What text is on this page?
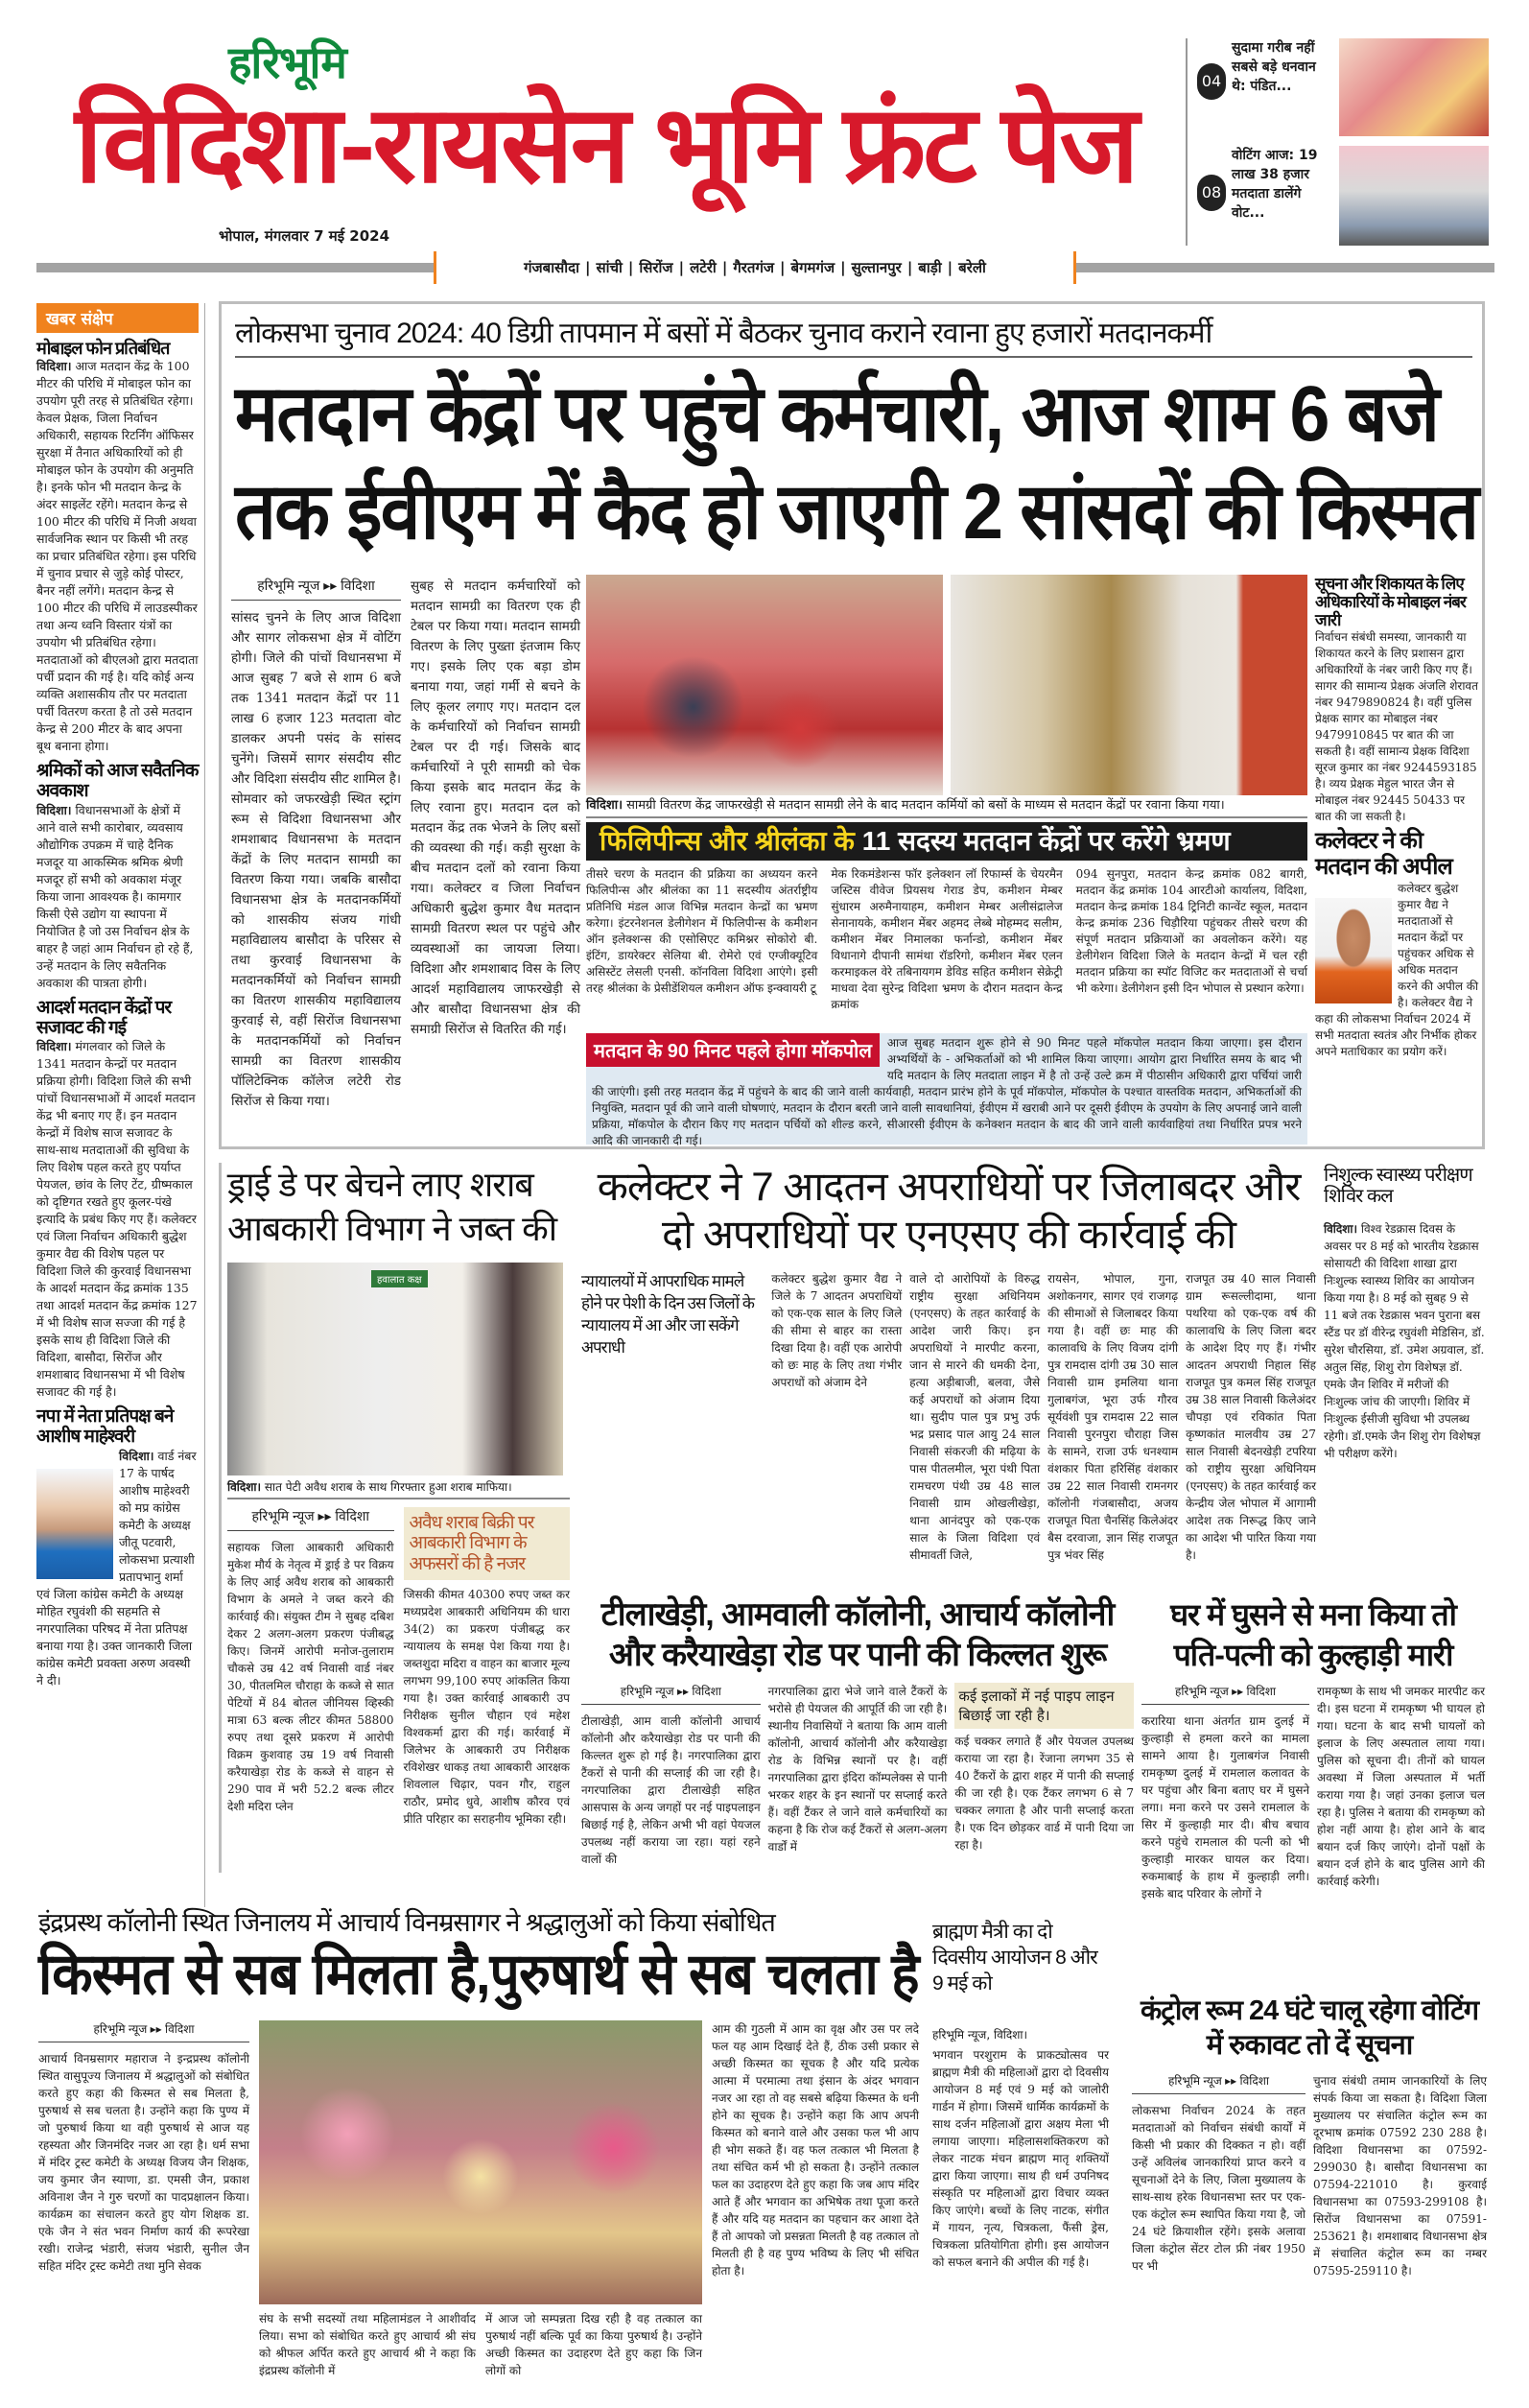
हरिभूमि
विदिशा-रायसेन भूमि फ्रंट पेज
भोपाल, मंगलवार 7 मई 2024
04
सुदामा गरीब नहीं सबसे बड़े धनवान थे: पंडित...
08
वोटिंग आज: 19 लाख 38 हजार मतदाता डालेंगे वोट...
गंजबासौदा | सांची | सिरोंज | लटेरी | गैरतगंज | बेगमगंज | सुल्तानपुर | बाड़ी | बरेली
खबर संक्षेप
मोबाइल फोन प्रतिबंधित
विदिशा। आज मतदान केंद्र के 100 मीटर की परिधि में मोबाइल फोन का उपयोग पूरी तरह से प्रतिबंधित रहेगा। केवल प्रेक्षक, जिला निर्वाचन अधिकारी, सहायक रिटर्निंग ऑफिसर सुरक्षा में तैनात अधिकारियों को ही मोबाइल फोन के उपयोग की अनुमति है। इनके फोन भी मतदान केन्द्र के अंदर साइलेंट रहेंगे। मतदान केन्द्र से 100 मीटर की परिधि में निजी अथवा सार्वजनिक स्थान पर किसी भी तरह का प्रचार प्रतिबंधित रहेगा। इस परिधि में चुनाव प्रचार से जुड़े कोई पोस्टर, बैनर नहीं लगेंगे। मतदान केन्द्र से 100 मीटर की परिधि में लाउडस्पीकर तथा अन्य ध्वनि विस्तार यंत्रों का उपयोग भी प्रतिबंधित रहेगा। मतदाताओं को बीएलओ द्वारा मतदाता पर्ची प्रदान की गई है। यदि कोई अन्य व्यक्ति अशासकीय तौर पर मतदाता पर्ची वितरण करता है तो उसे मतदान केन्द्र से 200 मीटर के बाद अपना बूथ बनाना होगा।
श्रमिकों को आज सवैतनिक अवकाश
विदिशा। विधानसभाओं के क्षेत्रों में आने वाले सभी कारोबार, व्यवसाय औद्योगिक उपक्रम में चाहे दैनिक मजदूर या आकस्मिक श्रमिक श्रेणी मजदूर हों सभी को अवकाश मंजूर किया जाना आवश्यक है। कामगार किसी ऐसे उद्योग या स्थापना में नियोजित है जो उस निर्वाचन क्षेत्र के बाहर है जहां आम निर्वाचन हो रहे हैं, उन्हें मतदान के लिए सवैतनिक अवकाश की पात्रता होगी।
आदर्श मतदान केंद्रों पर सजावट की गई
विदिशा। मंगलवार को जिले के 1341 मतदान केन्द्रों पर मतदान प्रक्रिया होगी। विदिशा जिले की सभी पांचों विधानसभाओं में आदर्श मतदान केंद्र भी बनाए गए हैं। इन मतदान केन्द्रों में विशेष साज सजावट के साथ-साथ मतदाताओं की सुविधा के लिए विशेष पहल करते हुए पर्याप्त पेयजल, छांव के लिए टेंट, ग्रीष्मकाल को दृष्टिगत रखते हुए कूलर-पंखे इत्यादि के प्रबंध किए गए हैं। कलेक्टर एवं जिला निर्वाचन अधिकारी बुद्धेश कुमार वैद्य की विशेष पहल पर विदिशा जिले की कुरवाई विधानसभा के आदर्श मतदान केंद्र क्रमांक 135 तथा आदर्श मतदान केंद्र क्रमांक 127 में भी विशेष साज सज्जा की गई है इसके साथ ही विदिशा जिले की विदिशा, बासौदा, सिरोंज और शमशाबाद विधानसभा में भी विशेष सजावट की गई है।
नपा में नेता प्रतिपक्ष बने आशीष माहेश्वरी
विदिशा। वार्ड नंबर 17 के पार्षद आशीष माहेश्वरी को मप्र कांग्रेस कमेटी के अध्यक्ष जीतू पटवारी, लोकसभा प्रत्याशी प्रतापभानु शर्मा एवं जिला कांग्रेस कमेटी के अध्यक्ष मोहित रघुवंशी की सहमति से नगरपालिका परिषद में नेता प्रतिपक्ष बनाया गया है। उक्त जानकारी जिला कांग्रेस कमेटी प्रवक्ता अरुण अवस्थी ने दी।
लोकसभा चुनाव 2024: 40 डिग्री तापमान में बसों में बैठकर चुनाव कराने रवाना हुए हजारों मतदानकर्मी
मतदान केंद्रों पर पहुंचे कर्मचारी, आज शाम 6 बजे तक ईवीएम में कैद हो जाएगी 2 सांसदों की किस्मत
हरिभूमि न्यूज ▸▸ विदिशा
सांसद चुनने के लिए आज विदिशा और सागर लोकसभा क्षेत्र में वोटिंग होगी। जिले की पांचों विधानसभा में आज सुबह 7 बजे से शाम 6 बजे तक 1341 मतदान केंद्रों पर 11 लाख 6 हजार 123 मतदाता वोट डालकर अपनी पसंद के सांसद चुनेंगे। जिसमें सागर संसदीय सीट और विदिशा संसदीय सीट शामिल है। सोमवार को जफरखेड़ी स्थित स्ट्रांग रूम से विदिशा विधानसभा और शमशाबाद विधानसभा के मतदान केंद्रों के लिए मतदान सामग्री का वितरण किया गया। जबकि बासौदा विधानसभा क्षेत्र के मतदानकर्मियों को शासकीय संजय गांधी महाविद्यालय बासौदा के परिसर से तथा कुरवाई विधानसभा के मतदानकर्मियों को निर्वाचन सामग्री का वितरण शासकीय महाविद्यालय कुरवाई से, वहीं सिरोंज विधानसभा के मतदानकर्मियों को निर्वाचन सामग्री का वितरण शासकीय पॉलिटेक्निक कॉलेज लटेरी रोड सिरोंज से किया गया।
सुबह से मतदान कर्मचारियों को मतदान सामग्री का वितरण एक ही टेबल पर किया गया। मतदान सामग्री वितरण के लिए पुख्ता इंतजाम किए गए। इसके लिए एक बड़ा डोम बनाया गया, जहां गर्मी से बचने के लिए कूलर लगाए गए। मतदान दल के कर्मचारियों को निर्वाचन सामग्री टेबल पर दी गई। जिसके बाद कर्मचारियों ने पूरी सामग्री को चेक किया इसके बाद मतदान केंद्र के लिए रवाना हुए। मतदान दल को मतदान केंद्र तक भेजने के लिए बसों की व्यवस्था की गई। कड़ी सुरक्षा के बीच मतदान दलों को रवाना किया गया। कलेक्टर व जिला निर्वाचन अधिकारी बुद्धेश कुमार वैध मतदान सामग्री वितरण स्थल पर पहुंचे और व्यवस्थाओं का जायजा लिया। विदिशा और शमशाबाद विस के लिए आदर्श महाविद्यालय जाफरखेड़ी से और बासौदा विधानसभा क्षेत्र की समाग्री सिरोंज से वितरित की गई।
विदिशा। सामग्री वितरण केंद्र जाफरखेड़ी से मतदान सामग्री लेने के बाद मतदान कर्मियों को बसों के माध्यम से मतदान केंद्रों पर रवाना किया गया।
फिलिपीन्स और श्रीलंका के 11 सदस्य मतदान केंद्रों पर करेंगे भ्रमण
तीसरे चरण के मतदान की प्रक्रिया का अध्ययन करने फिलिपीन्स और श्रीलंका का 11 सदस्यीय अंतर्राष्ट्रीय प्रतिनिधि मंडल आज विभिन्न मतदान केन्द्रों का भ्रमण करेगा। इंटरनेशनल डेलीगेशन में फिलिपीन्स के कमीशन ऑन इलेक्शन्स की एसोसिएट कमिश्नर सोकोरो बी. इंटिंग, डायरेक्टर सेलिया बी. रोमेरो एवं एग्जीक्यूटिव असिस्टेंट लेसली एनसी. कॉनविला विदिशा आएंगे। इसी तरह श्रीलंका के प्रेसीडेंशियल कमीशन ऑफ इन्क्वायरी टू
मेक रिकमंडेशन्स फॉर इलेक्शन लॉ रिफार्म्स के चेयरमैन जस्टिस वीवेज प्रियसथ गेराड डेप, कमीशन मेम्बर सुंधारम अरुमैनायाहम, कमीशन मेम्बर अलीसंद्रालेज सेनानायके, कमीशन मेंबर अहमद लेब्बे मोहम्मद सलीम, कमीशन मेंबर निमालका फर्नान्डो, कमीशन मेंबर विधानागे दीपानी सामंथा रॉडरिगो, कमीशन मेंबर एलन करमाइकल वेरे तबिनायगम डेविड सहित कमीशन सेक्रेट्री माधवा देवा सुरेन्द्र विदिशा भ्रमण के दौरान मतदान केन्द्र क्रमांक
094 सुनपुरा, मतदान केन्द्र क्रमांक 082 बागरी, मतदान केंद्र क्रमांक 104 आरटीओ कार्यालय, विदिशा, मतदान केन्द्र क्रमांक 184 ट्रिनिटी कान्वेंट स्कूल, मतदान केन्द्र क्रमांक 236 चिड़ौरिया पहुंचकर तीसरे चरण की संपूर्ण मतदान प्रक्रियाओं का अवलोकन करेंगे। यह डेलीगेशन विदिशा जिले के मतदान केन्द्रों में चल रही मतदान प्रक्रिया का स्पॉट विजिट कर मतदाताओं से चर्चा भी करेगा। डेलीगेशन इसी दिन भोपाल से प्रस्थान करेगा।
मतदान के 90 मिनट पहले होगा मॉकपोल	आज सुबह मतदान शुरू होने से 90 मिनट पहले मॉकपोल मतदान किया जाएगा। इस दौरान अभ्यर्थियों के - अभिकर्ताओं को भी शामिल किया जाएगा। आयोग द्वारा निर्धारित समय के बाद भी यदि मतदान के लिए मतदाता लाइन में है तो उन्हें उल्टे क्रम में पीठासीन अधिकारी द्वारा पर्चियां जारी की जाएंगी। इसी तरह मतदान केंद्र में पहुंचने के बाद की जाने वाली कार्यवाही, मतदान प्रारंभ होने के पूर्व मॉकपोल, मॉकपोल के पश्चात वास्तविक मतदान, अभिकर्ताओं की नियुक्ति, मतदान पूर्व की जाने वाली घोषणाएं, मतदान के दौरान बरती जाने वाली सावधानियां, ईवीएम में खराबी आने पर दूसरी ईवीएम के उपयोग के लिए अपनाई जाने वाली प्रक्रिया, मॉकपोल के दौरान किए गए मतदान पर्चियों को शील्ड करने, सीआरसी ईवीएम के कनेक्शन मतदान के बाद की जाने वाली कार्यवाहियां तथा निर्धारित प्रपत्र भरने आदि की जानकारी दी गई।
सूचना और शिकायत के लिए अधिकारियों के मोबाइल नंबर जारी
निर्वाचन संबंधी समस्या, जानकारी या शिकायत करने के लिए प्रशासन द्वारा अधिकारियों के नंबर जारी किए गए हैं। सागर की सामान्य प्रेक्षक अंजलि शेरावत नंबर 9479890824 है। वहीं पुलिस प्रेक्षक सागर का मोबाइल नंबर 9479910845 पर बात की जा सकती है। वहीं सामान्य प्रेक्षक विदिशा सूरज कुमार का नंबर 9244593185 है। व्यय प्रेक्षक मेहुल भारत जैन से मोबाइल नंबर 92445 50433 पर बात की जा सकती है।
कलेक्टर ने की मतदान की अपील
कलेक्टर बुद्धेश कुमार वैद्य ने मतदाताओं से मतदान केंद्रों पर पहुंचकर अधिक से अधिक मतदान करने की अपील की है। कलेक्टर वैद्य ने कहा की लोकसभा निर्वाचन 2024 में सभी मतदाता स्वतंत्र और निर्भीक होकर अपने मताधिकार का प्रयोग करें।
ड्राई डे पर बेचने लाए शराब आबकारी विभाग ने जब्त की
हवालात कक्ष
विदिशा। सात पेटी अवैध शराब के साथ गिरफ्तार हुआ शराब माफिया।
हरिभूमि न्यूज ▸▸ विदिशा
सहायक जिला आबकारी अधिकारी मुकेश मौर्य के नेतृत्व में ड्राई डे पर विक्रय के लिए आई अवैध शराब को आबकारी विभाग के अमले ने जब्त करने की कार्रवाई की। संयुक्त टीम ने सुबह दबिश देकर 2 अलग-अलग प्रकरण पंजीबद्ध किए। जिनमें आरोपी मनोज-तुलाराम चौकसे उम्र 42 वर्ष निवासी वार्ड नंबर 30, पीतलमिल चौराहा के कब्जे से सात पेटियों में 84 बोतल जीनियस व्हिस्की मात्रा 63 बल्क लीटर कीमत 58800 रुपए तथा दूसरे प्रकरण में आरोपी विक्रम कुशवाह उम्र 19 वर्ष निवासी करैयाखेड़ा रोड के कब्जे से वाहन से 290 पाव में भरी 52.2 बल्क लीटर देशी मदिरा प्लेन
अवैध शराब बिक्री पर आबकारी विभाग के अफसरों की है नजर
जिसकी कीमत 40300 रुपए जब्त कर मध्यप्रदेश आबकारी अधिनियम की धारा 34(2) का प्रकरण पंजीबद्ध कर न्यायालय के समक्ष पेश किया गया है। जब्तशुदा मदिरा व वाहन का बाजार मूल्य लगभग 99,100 रुपए आंकलित किया गया है। उक्त कार्रवाई आबकारी उप निरीक्षक सुनील चौहान एवं महेश विश्वकर्मा द्वारा की गई। कार्रवाई में जिलेभर के आबकारी उप निरीक्षक रविशेखर धाकड़ तथा आबकारी आरक्षक शिवलाल चिढ़ार, पवन गौर, राहुल राठौर, प्रमोद धुवे, आशीष कौरव एवं प्रीति परिहार का सराहनीय भूमिका रही।
कलेक्टर ने 7 आदतन अपराधियों पर जिलाबदर और दो अपराधियों पर एनएसए की कार्रवाई की
न्यायालयों में आपराधिक मामले होने पर पेशी के दिन उस जिलों के न्यायालय में आ और जा सकेंगे अपराधी
कलेक्टर बुद्धेश कुमार वैद्य ने जिले के 7 आदतन अपराधियों को एक-एक साल के लिए जिले की सीमा से बाहर का रास्ता दिखा दिया है। वहीं एक आरोपी को छः माह के लिए तथा गंभीर अपराधों को अंजाम देने
वाले दो आरोपियों के विरुद्ध राष्ट्रीय सुरक्षा अधिनियम (एनएसए) के तहत कार्रवाई के आदेश जारी किए। इन अपराधियों ने मारपीट करना, जान से मारने की धमकी देना, हत्या अड़ीबाजी, बलवा, जैसे कई अपराधों को अंजाम दिया था। सुदीप पाल पुत्र प्रभु उर्फ भद्र प्रसाद पाल आयु 24 साल निवासी संकरजी की मढ़िया के पास पीतलमील, भूरा पंथी पिता रामचरण पंथी उम्र 48 साल निवासी ग्राम ओखलीखेड़ा, थाना आनंदपुर को एक-एक साल के जिला विदिशा एवं सीमावर्ती जिले,
रायसेन, भोपाल, गुना, अशोकनगर, सागर एवं राजगढ़ की सीमाओं से जिलाबदर किया गया है। वहीं छः माह की कालावधि के लिए विजय दांगी पुत्र रामदास दांगी उम्र 30 साल निवासी ग्राम इमलिया थाना गुलाबगंज, भूरा उर्फ गौरव सूर्यवंशी पुत्र रामदास 22 साल निवासी पुरनपुरा चौराहा जिस के सामने, राजा उर्फ धनश्याम वंशकार पिता हरिसिंह वंशकार उम्र 22 साल निवासी रामनगर कॉलोनी गंजबासौदा, अजय राजपूत पिता चैनसिंह किलेअंदर बैस दरवाजा, ज्ञान सिंह राजपूत पुत्र भंवर सिंह
राजपूत उम्र 40 साल निवासी ग्राम रूसल्लीदामा, थाना पथरिया को एक-एक वर्ष की कालावधि के लिए जिला बदर के आदेश दिए गए हैं। गंभीर आदतन अपराधी निहाल सिंह राजपूत पुत्र कमल सिंह राजपूत उम्र 38 साल निवासी किलेअंदर चौपड़ा एवं रविकांत पिता कृष्णकांत मालवीय उम्र 27 साल निवासी बेदनखेड़ी टपरिया को राष्ट्रीय सुरक्षा अधिनियम (एनएसए) के तहत कार्रवाई कर केन्द्रीय जेल भोपाल में आगामी आदेश तक निरूद्ध किए जाने का आदेश भी पारित किया गया है।
निशुल्क स्वास्थ्य परीक्षण शिविर कल
विदिशा। विश्व रेडक्रास दिवस के अवसर पर 8 मई को भारतीय रेडक्रास सोसायटी की विदिशा शाखा द्वारा निःशुल्क स्वास्थ्य शिविर का आयोजन किया गया है। 8 मई को सुबह 9 से 11 बजे तक रेडक्रास भवन पुराना बस स्टैंड पर डॉ वीरेन्द्र रघुवंशी मेडिसिन, डॉ. सुरेश चौरसिया, डॉ. उमेश अग्रवाल, डॉ. अतुल सिंह, शिशु रोग विशेषज्ञ डॉ. एमके जैन शिविर में मरीजों की निःशुल्क जांच की जाएगी। शिविर में निःशुल्क ईसीजी सुविधा भी उपलब्ध रहेगी। डॉ.एमके जैन शिशु रोग विशेषज्ञ भी परीक्षण करेंगे।
टीलाखेड़ी, आमवाली कॉलोनी, आचार्य कॉलोनी और करैयाखेड़ा रोड पर पानी की किल्लत शुरू
हरिभूमि न्यूज ▸▸ विदिशा
टीलाखेड़ी, आम वाली कॉलोनी आचार्य कॉलोनी और करैयाखेड़ा रोड पर पानी की किल्लत शुरू हो गई है। नगरपालिका द्वारा टैंकरों से पानी की सप्लाई की जा रही है। नगरपालिका द्वारा टीलाखेड़ी सहित आसपास के अन्य जगहों पर नई पाइपलाइन बिछाई गई है, लेकिन अभी भी वहां पेयजल उपलब्ध नहीं कराया जा रहा। यहां रहने वालों की
नगरपालिका द्वारा भेजे जाने वाले टैंकरों के भरोसे ही पेयजल की आपूर्ति की जा रही है। स्थानीय निवासियों ने बताया कि आम वाली कॉलोनी, आचार्य कॉलोनी और करैयाखेड़ा रोड के विभिन्न स्थानों पर है। वहीं नगरपालिका द्वारा इंदिरा कॉम्पलेक्स से पानी भरकर शहर के इन स्थानों पर सप्लाई करते हैं। वहीं टैंकर ले जाने वाले कर्मचारियों का कहना है कि रोज कई टैंकरों से अलग-अलग वार्डों में
कई इलाकों में नई पाइप लाइन बिछाई जा रही है।
कई चक्कर लगाते हैं और पेयजल उपलब्ध कराया जा रहा है। रेंजाना लगभग 35 से 40 टैंकरों के द्वारा शहर में पानी की सप्लाई की जा रही है। एक टैंकर लगभग 6 से 7 चक्कर लगाता है और पानी सप्लाई करता है। एक दिन छोड़कर वार्ड में पानी दिया जा रहा है।
घर में घुसने से मना किया तो पति-पत्नी को कुल्हाड़ी मारी
हरिभूमि न्यूज ▸▸ विदिशा
करारिया थाना अंतर्गत ग्राम दुलई में कुल्हाड़ी से हमला करने का मामला सामने आया है। गुलाबगंज निवासी रामकृष्ण दुलई में रामलाल कलावत के घर पहुंचा और बिना बताए घर में घुसने लगा। मना करने पर उसने रामलाल के सिर में कुल्हाड़ी मार दी। बीच बचाव करने पहुंचे रामलाल की पत्नी को भी कुल्हाड़ी मारकर घायल कर दिया। रुकमाबाई के हाथ में कुल्हाड़ी लगी। इसके बाद परिवार के लोगों ने
रामकृष्ण के साथ भी जमकर मारपीट कर दी। इस घटना में रामकृष्ण भी घायल हो गया। घटना के बाद सभी घायलों को इलाज के लिए अस्पताल लाया गया। पुलिस को सूचना दी। तीनों को घायल अवस्था में जिला अस्पताल में भर्ती कराया गया है। जहां उनका इलाज चल रहा है। पुलिस ने बताया की रामकृष्ण को होश नहीं आया है। होश आने के बाद बयान दर्ज किए जाएंगे। दोनों पक्षों के बयान दर्ज होने के बाद पुलिस आगे की कार्रवाई करेगी।
इंद्रप्रस्थ कॉलोनी स्थित जिनालय में आचार्य विनम्रसागर ने श्रद्धालुओं को किया संबोधित
किस्मत से सब मिलता है,पुरुषार्थ से सब चलता है
हरिभूमि न्यूज ▸▸ विदिशा
आचार्य विनम्रसागर महाराज ने इन्द्रप्रस्थ कॉलोनी स्थित वासुपूज्य जिनालय में श्रद्धालुओं को संबोधित करते हुए कहा की किस्मत से सब मिलता है, पुरुषार्थ से सब चलता है। उन्होंने कहा कि पुण्य में जो पुरुषार्थ किया था वही पुरुषार्थ से आज यह रहस्यता और जिनमंदिर नजर आ रहा है। धर्म सभा में मंदिर ट्रस्ट कमेटी के अध्यक्ष विजय जैन शिक्षक, जय कुमार जैन स्याणा, डा. एमसी जैन, प्रकाश अविनाश जैन ने गुरु चरणों का पादप्रक्षालन किया। कार्यक्रम का संचालन करते हुए योग शिक्षक डा. एके जैन ने संत भवन निर्माण कार्य की रूपरेखा रखी। राजेन्द्र भंडारी, संजय भंडारी, सुनील जैन सहित मंदिर ट्रस्ट कमेटी तथा मुनि सेवक
संघ के सभी सदस्यों तथा महिलामंडल ने आशीर्वाद लिया। सभा को संबोधित करते हुए आचार्य श्री संघ को श्रीफल अर्पित करते हुए आचार्य श्री ने कहा कि इंद्रप्रस्थ कॉलोनी में
में आज जो सम्पन्नता दिख रही है वह तत्काल का पुरुषार्थ नहीं बल्कि पूर्व का किया पुरुषार्थ है। उन्होंने अच्छी किस्मत का उदाहरण देते हुए कहा कि जिन लोगों को
आम की गुठली में आम का वृक्ष और उस पर लदे फल यह आम दिखाई देते हैं, ठीक उसी प्रकार से अच्छी किस्मत का सूचक है और यदि प्रत्येक आत्मा में परमात्मा तथा इंसान के अंदर भगवान नजर आ रहा तो वह सबसे बढ़िया किस्मत के धनी होने का सूचक है। उन्होंने कहा कि आप अपनी किस्मत को बनाने वाले और उसका फल भी आप ही भोग सकते हैं। वह फल तत्काल भी मिलता है तथा संचित कर्म भी हो सकता है। उन्होंने तत्काल फल का उदाहरण देते हुए कहा कि जब आप मंदिर आते हैं और भगवान का अभिषेक तथा पूजा करते हैं और यदि यह मतदान का पहचान कर आशा देते हैं तो आपको जो प्रसन्नता मिलती है वह तत्काल तो मिलती ही है वह पुण्य भविष्य के लिए भी संचित होता है।
ब्राह्मण मैत्री का दो दिवसीय आयोजन 8 और 9 मई को
हरिभूमि न्यूज, विदिशा।
भगवान परशुराम के प्राकट्योत्सव पर ब्राह्मण मैत्री की महिलाओं द्वारा दो दिवसीय आयोजन 8 मई एवं 9 मई को जालोरी गार्डन में होगा। जिसमें धार्मिक कार्यक्रमों के साथ दर्जन महिलाओं द्वारा अक्षय मेला भी लगाया जाएगा। महिलासशक्तिकरण को लेकर नाटक मंचन ब्राह्मण मातृ शक्तियों द्वारा किया जाएगा। साथ ही धर्म उपनिषद संस्कृति पर महिलाओं द्वारा विचार व्यक्त किए जाएंगे। बच्चों के लिए नाटक, संगीत में गायन, नृत्य, चित्रकला, फैंसी ड्रेस, चित्रकला प्रतियोगिता होगी। इस आयोजन को सफल बनाने की अपील की गई है।
कंट्रोल रूम 24 घंटे चालू रहेगा वोटिंग में रुकावट तो दें सूचना
हरिभूमि न्यूज ▸▸ विदिशा
लोकसभा निर्वाचन 2024 के तहत मतदाताओं को निर्वाचन संबंधी कार्यों में किसी भी प्रकार की दिक्कत न हो। वहीं उन्हें अविलंब जानकारियां प्राप्त करने व सूचनाओं देने के लिए, जिला मुख्यालय के साथ-साथ हरेक विधानसभा स्तर पर एक-एक कंट्रोल रूम स्थापित किया गया है, जो 24 घंटे क्रियाशील रहेंगे। इसके अलावा जिला कंट्रोल सेंटर टोल फ्री नंबर 1950 पर भी
चुनाव संबंधी तमाम जानकारियों के लिए संपर्क किया जा सकता है। विदिशा जिला मुख्यालय पर संचालित कंट्रोल रूम का दूरभाष क्रमांक 07592 230 288 है। विदिशा विधानसभा का 07592-299030 है। बासौदा विधानसभा का 07594-221010 है। कुरवाई विधानसभा का 07593-299108 है। सिरोंज विधानसभा का 07591-253621 है। शमशाबाद विधानसभा क्षेत्र में संचालित कंट्रोल रूम का नम्बर 07595-259110 है।
